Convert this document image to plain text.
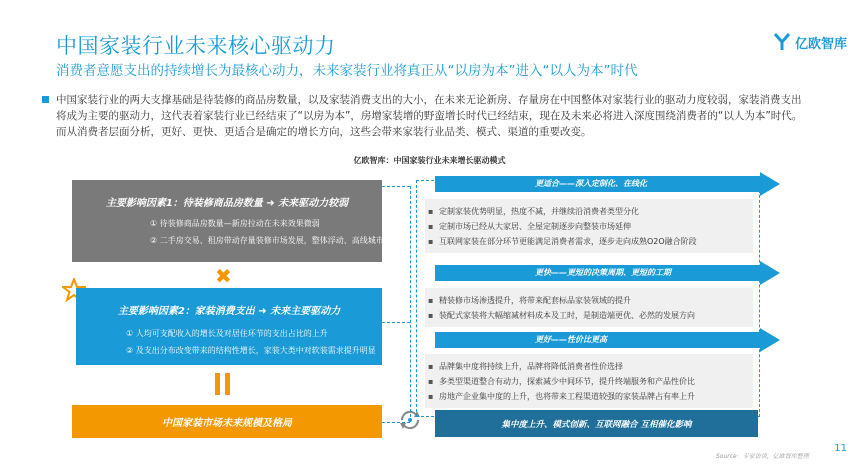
中国家装行业未来核心驱动力
消费者意愿支出的持续增长为最核心动力，未来家装行业将真正从“以房为本”进入“以人为本”时代
亿欧智库
中国家装行业的两大支撑基础是待装修的商品房数量，以及家装消费支出的大小，在未来无论新房、存量房在中国整体对家装行业的驱动力度较弱，家装消费支出将成为主要的驱动力，这代表着家装行业已经结束了“以房为本”，房增家装增的野蛮增长时代已经结束，现在及未来必将进入深度围绕消费者的“以人为本”时代。而从消费者层面分析，更好、更快、更适合是确定的增长方向，这些会带来家装行业品类、模式、渠道的重要改变。
亿欧智库：中国家装行业未来增长驱动模式
主要影响因素1：待装修商品房数量 ➜ 未来驱动力较弱
① 待装修商品房数量—新房拉动在未来效果微弱
② 二手房交易、租房带动存量装修市场发展，整体浮动、高线城市强劲
✖
主要影响因素2：家装消费支出 ➜ 未来主要驱动力
① 人均可支配收入的增长及对居住环节的支出占比的上升
② 及支出分布改变带来的结构性增长，家装大类中对软装需求提升明显
中国家装市场未来规模及格局
更适合——深入定制化、在线化
▪ 定制家装优势明显，热度不减，并继续沿消费者类型分化
▪ 定制市场已经从大家居、全屋定制逐步向整装市场延伸
▪ 互联网家装在部分环节更能满足消费者需求，逐步走向成熟O2O融合阶段
更快——更短的决策周期、更短的工期
▪ 精装修市场渗透提升，将带来配套标品家装领域的提升
▪ 装配式家装将大幅缩减材料成本及工时，是制造端更优、必然的发展方向
更好——性价比更高
▪ 品牌集中度将持续上升，品牌将降低消费者性价选择
▪ 多类型渠道整合有动力，探索减少中间环节，提升终端服务和产品性价比
▪ 房地产企业集中度的上升，也将带来工程渠道较强的家装品牌占有率上升
集中度上升、模式创新、互联网融合 互相催化影响
Source：专家访谈，亿欧智库整理
11
